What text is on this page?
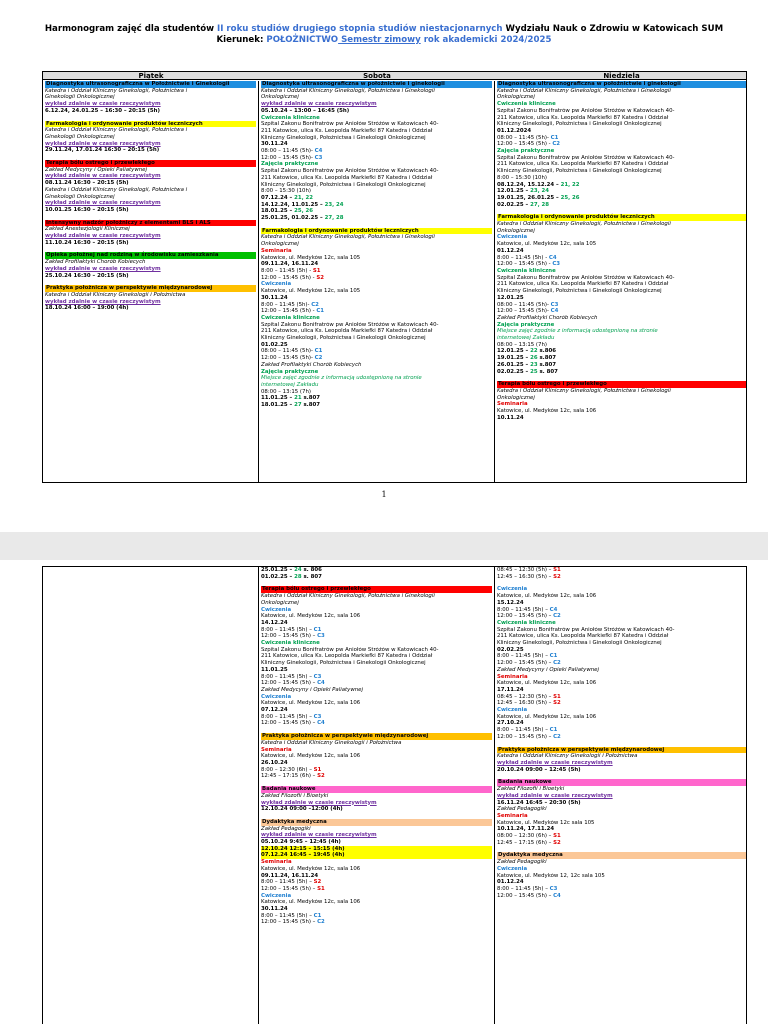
Harmonogram zajęć dla studentów II roku studiów drugiego stopnia studiów niestacjonarnych Wydziału Nauk o Zdrowiu w Katowicach SUM
Kierunek: POŁOŻNICTWO Semestr zimowy rok akademicki 2024/2025
Piątek	Sobota	Niedziela
Diagnostyka ultrasonograficzna w Położnictwie i Ginekologii
Katedra i Oddział Kliniczny Ginekologii, Położnictwa i
Ginekologii Onkologicznej
wykład zdalnie w czasie rzeczywistym
6.12.24, 24.01.25 – 16:30 – 20:15 (5h)
Farmakologia i ordynowanie produktów leczniczych
Katedra i Oddział Kliniczny Ginekologii, Położnictwa i
Ginekologii Onkologicznej
wykład zdalnie w czasie rzeczywistym
29.11.24, 17.01.24 16:30 – 20:15 (5h)
Terapia bólu ostrego i przewlekłego
Zakład Medycyny i Opieki Paliatywnej
wykład zdalnie w czasie rzeczywistym
08.11.24 16:30 – 20:15 (5h)
Katedra i Oddział Kliniczny Ginekologii, Położnictwa i
Ginekologii Onkologicznej
wykład zdalnie w czasie rzeczywistym
10.01.25 16:30 – 20:15 (5h)
Intensywny nadzór położniczy z elementami BLS i ALS
Zakład Anestezjologii Klinicznej
wykład zdalnie w czasie rzeczywistym
11.10.24 16:30 – 20:15 (5h)
Opieka położnej nad rodziną w środowisku zamieszkania
Zakład Profilaktyki Chorób Kobiecych
wykład zdalnie w czasie rzeczywistym
25.10.24 16:30 – 20:15 (5h)
Praktyka położnicza w perspektywie międzynarodowej
Katedra i Oddział Kliniczny Ginekologii i Położnictwa
wykład zdalnie w czasie rzeczywistym
18.10.24 16:00 – 19:00 (4h)
Diagnostyka ultrasonograficzna w położnictwie i ginekologii
Katedra i Oddział Kliniczny Ginekologii, Położnictwa i Ginekologii
Onkologicznej
wykład zdalnie w czasie rzeczywistym
05.10.24 – 13:00 – 16:45 (5h)
Ćwiczenia kliniczne
Szpital Zakonu Bonifratrów pw Aniołów Stróżów w Katowicach 40-
211 Katowice, ulica Ks. Leopolda Markiefki 87 Katedra i Oddział
Kliniczny Ginekologii, Położnictwa i Ginekologii Onkologicznej
30.11.24
08:00 – 11:45 (5h)- C4
12:00 – 15:45 (5h)- C3
Zajęcia praktyczne
Szpital Zakonu Bonifratrów pw Aniołów Stróżów w Katowicach 40-
211 Katowice, ulica Ks. Leopolda Markiefki 87 Katedra i Oddział
Kliniczny Ginekologii, Położnictwa i Ginekologii Onkologicznej
8:00 – 15:30 (10h)
07.12.24 – 21, 22
14.12.24, 11.01.25 – 23, 24
18.01.25 – 25, 26
25.01.25, 01.02.25 – 27, 28
Farmakologia i ordynowanie produktów leczniczych
Katedra i Oddział Kliniczny Ginekologii, Położnictwa i Ginekologii
Onkologicznej
Seminaria
Katowice, ul. Medyków 12c, sala 105
09.11.24, 16.11.24
8:00 – 11:45 (5h) - S1
12:00 – 15:45 (5h) - S2
Ćwiczenia
Katowice, ul. Medyków 12c, sala 105
30.11.24
8:00 – 11:45 (5h)- C2
12:00 – 15:45 (5h) - C1
Ćwiczenia kliniczne
Szpital Zakonu Bonifratrów pw Aniołów Stróżów w Katowicach 40-
211 Katowice, ulica Ks. Leopolda Markiefki 87 Katedra i Oddział
Kliniczny Ginekologii, Położnictwa i Ginekologii Onkologicznej
01.02.25
08:00 – 11:45 (5h)- C1
12:00 – 15:45 (5h)- C2
Zakład Profilaktyki Chorób Kobiecych
Zajęcia praktyczne
Miejsce zajęć zgodnie z informacją udostępnioną na stronie
internetowej Zakładu
08:00 – 13:15 (7h)
11.01.25 – 21 s.807
18.01.25 – 27 s.807
Diagnostyka ultrasonograficzna w położnictwie i ginekologii
Katedra i Oddział Kliniczny Ginekologii, Położnictwa i Ginekologii
Onkologicznej
Ćwiczenia kliniczne
Szpital Zakonu Bonifratrów pw Aniołów Stróżów w Katowicach 40-
211 Katowice, ulica Ks. Leopolda Markiefki 87 Katedra i Oddział
Kliniczny Ginekologii, Położnictwa i Ginekologii Onkologicznej
01.12.2024
08:00 – 11:45 (5h)- C1
12:00 – 15:45 (5h) - C2
Zajęcia praktyczne
Szpital Zakonu Bonifratrów pw Aniołów Stróżów w Katowicach 40-
211 Katowice, ulica Ks. Leopolda Markiefki 87 Katedra i Oddział
Kliniczny Ginekologii, Położnictwa i Ginekologii Onkologicznej
8:00 – 15:30 (10h)
08.12.24, 15.12.24 – 21, 22
12.01.25 – 23, 24
19.01.25, 26.01.25 – 25, 26
02.02.25 – 27, 28
Farmakologia i ordynowanie produktów leczniczych
Katedra i Oddział Kliniczny Ginekologii, Położnictwa i Ginekologii
Onkologicznej
Ćwiczenia
Katowice, ul. Medyków 12c, sala 105
01.12.24
8:00 – 11:45 (5h) - C4
12:00 – 15:45 (5h) - C3
Ćwiczenia kliniczne
Szpital Zakonu Bonifratrów pw Aniołów Stróżów w Katowicach 40-
211 Katowice, ulica Ks. Leopolda Markiefki 87 Katedra i Oddział
Kliniczny Ginekologii, Położnictwa i Ginekologii Onkologicznej
12.01.25
08:00 – 11:45 (5h)- C3
12:00 – 15:45 (5h)- C4
Zakład Profilaktyki Chorób Kobiecych
Zajęcia praktyczne
Miejsce zajęć zgodnie z informacją udostępnioną na stronie
internetowej Zakładu
08:00 – 13:15 (7h)
12.01.25 – 22 s.806
19.01.25 – 26 s.807
26.01.25 – 23 s.807
02.02.25 – 25 s. 807
Terapia bólu ostrego i przewlekłego
Katedra i Oddział Kliniczny Ginekologii, Położnictwa i Ginekologii
Onkologicznej
Seminaria
Katowice, ul. Medyków 12c, sala 106
10.11.24
1
25.01.25 – 24 s. 806
01.02.25 – 28 s. 807
Terapia bólu ostrego i przewlekłego
Katedra i Oddział Kliniczny Ginekologii, Położnictwa i Ginekologii
Onkologicznej
Ćwiczenia
Katowice, ul. Medyków 12c, sala 106
14.12.24
8:00 – 11:45 (5h) – C1
12:00 – 15:45 (5h) – C3
Ćwiczenia kliniczne
Szpital Zakonu Bonifratrów pw Aniołów Stróżów w Katowicach 40-
211 Katowice, ulica Ks. Leopolda Markiefki 87 Katedra i Oddział
Kliniczny Ginekologii, Położnictwa i Ginekologii Onkologicznej
11.01.25
8:00 – 11:45 (5h) – C3
12:00 – 15:45 (5h) – C4
Zakład Medycyny i Opieki Paliatywnej
Ćwiczenia
Katowice, ul. Medyków 12c, sala 106
07.12.24
8:00 – 11:45 (5h) – C3
12:00 – 15:45 (5h) – C4
Praktyka położnicza w perspektywie międzynarodowej
Katedra i Oddział Kliniczny Ginekologii i Położnictwa
Seminaria
Katowice, ul. Medyków 12c, sala 106
26.10.24
8:00 – 12:30 (6h) – S1
12:45 – 17:15 (6h) – S2
Badania naukowe
Zakład Filozofii i Bioetyki
wykład zdalnie w czasie rzeczywistym
12.10.24 09:00 –12:00 (4h)
Dydaktyka medyczna
Zakład Pedagogiki
wykład zdalnie w czasie rzeczywistym
05.10.24 9:45 – 12:45 (4h)
12.10.24 12:15 – 15:15 (4h)
07.12.24 16:45 – 19:45 (4h)
Seminaria
Katowice, ul. Medyków 12c, sala 106
09.11.24, 16.11.24
8:00 – 11:45 (5h) – S2
12:00 – 15:45 (5h) – S1
Ćwiczenia
Katowice, ul. Medyków 12c, sala 106
30.11.24
8:00 – 11:45 (5h) – C1
12:00 – 15:45 (5h) – C2
08:45 – 12:30 (5h) – S1
12:45 – 16:30 (5h) – S2
Ćwiczenia
Katowice, ul. Medyków 12c, sala 106
15.12.24
8:00 – 11:45 (5h) – C4
12:00 – 15:45 (5h) – C2
Ćwiczenia kliniczne
Szpital Zakonu Bonifratrów pw Aniołów Stróżów w Katowicach 40-
211 Katowice, ulica Ks. Leopolda Markiefki 87 Katedra i Oddział
Kliniczny Ginekologii, Położnictwa i Ginekologii Onkologicznej
02.02.25
8:00 – 11:45 (5h) – C1
12:00 – 15:45 (5h) – C2
Zakład Medycyny i Opieki Paliatywnej
Seminaria
Katowice, ul. Medyków 12c, sala 106
17.11.24
08:45 – 12:30 (5h) – S1
12:45 – 16:30 (5h) – S2
Ćwiczenia
Katowice, ul. Medyków 12c, sala 106
27.10.24
8:00 – 11:45 (5h) – C1
12:00 – 15:45 (5h) – C2
Praktyka położnicza w perspektywie międzynarodowej
Katedra i Oddział Kliniczny Ginekologii i Położnictwa
wykład zdalnie w czasie rzeczywistym
20.10.24 09:00 – 12:45 (5h)
Badania naukowe
Zakład Filozofii i Bioetyki
wykład zdalnie w czasie rzeczywistym
16.11.24 16:45 – 20:30 (5h)
Zakład Pedagogiki
Seminaria
Katowice, ul. Medyków 12c sala 105
10.11.24, 17.11.24
08:00 – 12:30 (6h) – S1
12:45 – 17:15 (6h) – S2
Dydaktyka medyczna
Zakład Pedagogiki
Ćwiczenia
Katowice, ul. Medyków 12, 12c sala 105
01.12.24
8:00 – 11:45 (5h) – C3
12:00 – 15:45 (5h) – C4
